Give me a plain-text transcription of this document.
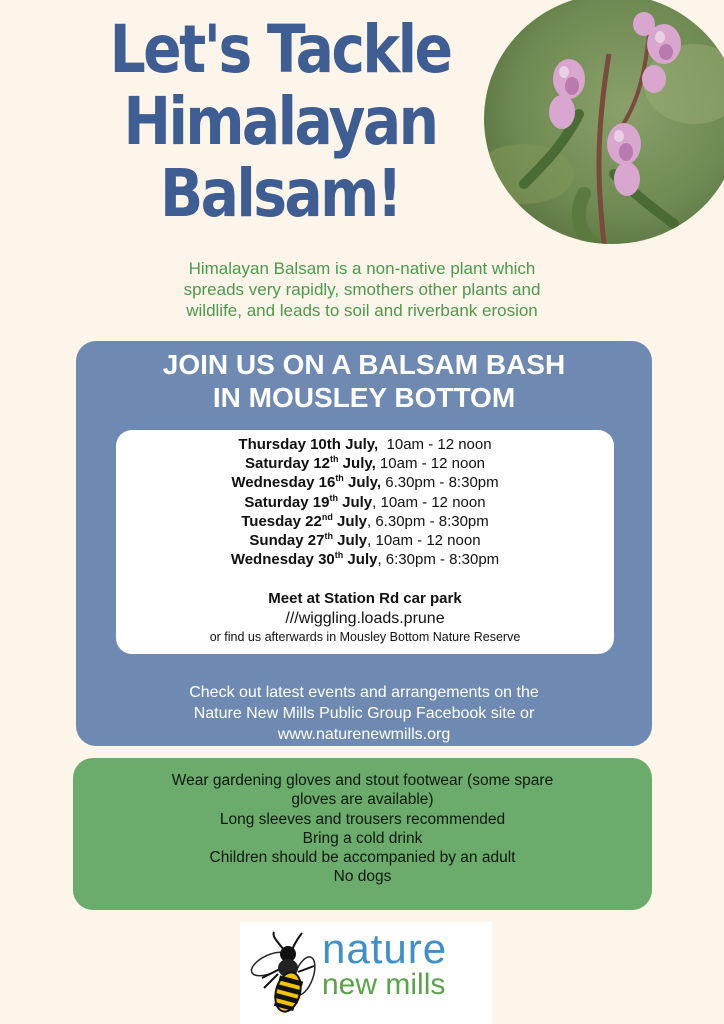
Let's Tackle
Himalayan
Balsam!

Himalayan Balsam is a non-native plant which
spreads very rapidly, smothers other plants and
wildlife, and leads to soil and riverbank erosion

JOIN US ON A BALSAM BASH
IN MOUSLEY BOTTOM
Thursday 10th July,  10am - 12 noon
Saturday 12th July, 10am - 12 noon
Wednesday 16th July, 6.30pm - 8:30pm
Saturday 19th July, 10am - 12 noon
Tuesday 22nd July, 6.30pm - 8:30pm
Sunday 27th July, 10am - 12 noon
Wednesday 30th July, 6:30pm - 8:30pm

Meet at Station Rd car park

///wiggling.loads.prune

or find us afterwards in Mousley Bottom Nature Reserve

Check out latest events and arrangements on the
Nature New Mills Public Group Facebook site or
www.naturenewmills.org

Wear gardening gloves and stout footwear (some spare
gloves are available)
Long sleeves and trousers recommended
Bring a cold drink
Children should be accompanied by an adult
No dogs

nature

new mills
